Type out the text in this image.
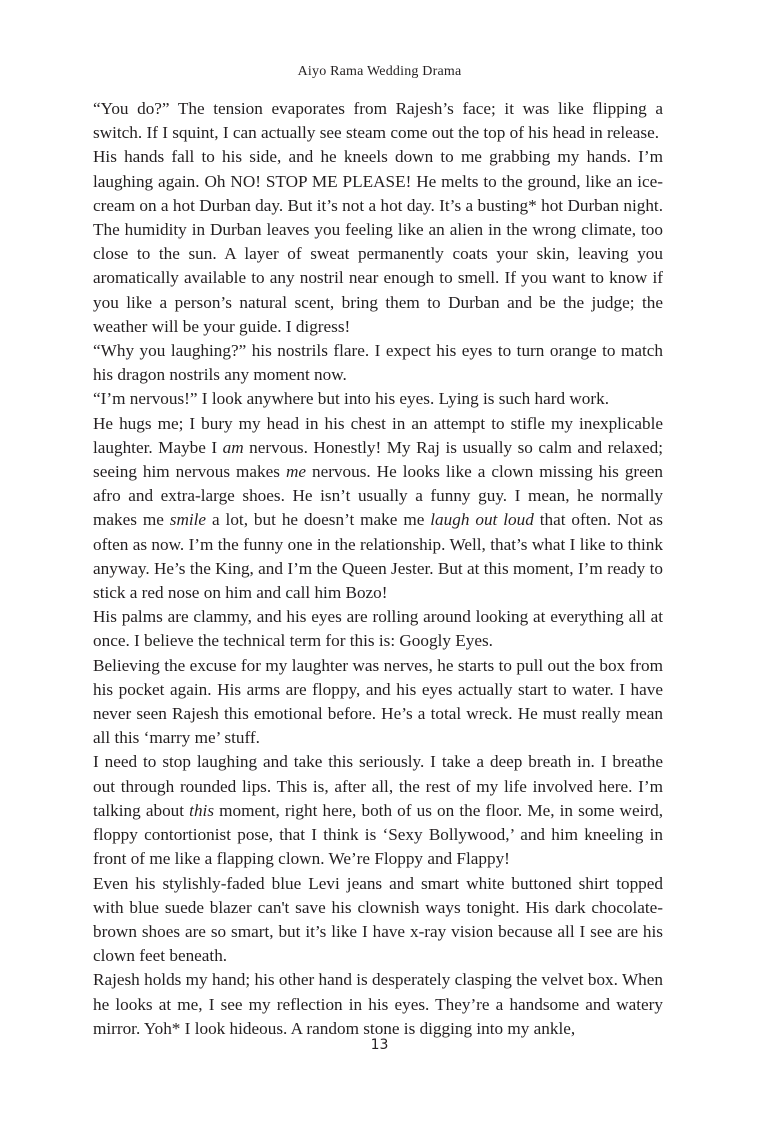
Aiyo Rama Wedding Drama

“You do?” The tension evaporates from Rajesh’s face; it was like flipping a switch. If I squint, I can actually see steam come out the top of his head in release.

His hands fall to his side, and he kneels down to me grabbing my hands. I’m laughing again. Oh NO! STOP ME PLEASE! He melts to the ground, like an ice-cream on a hot Durban day. But it’s not a hot day. It’s a busting* hot Durban night. The humidity in Durban leaves you feeling like an alien in the wrong climate, too close to the sun. A layer of sweat permanently coats your skin, leaving you aromatically available to any nostril near enough to smell. If you want to know if you like a person’s natural scent, bring them to Durban and be the judge; the weather will be your guide. I digress!

“Why you laughing?” his nostrils flare. I expect his eyes to turn orange to match his dragon nostrils any moment now.

“I’m nervous!” I look anywhere but into his eyes. Lying is such hard work.

He hugs me; I bury my head in his chest in an attempt to stifle my inexplicable laughter. Maybe I am nervous. Honestly! My Raj is usually so calm and relaxed; seeing him nervous makes me nervous. He looks like a clown missing his green afro and extra-large shoes. He isn’t usually a funny guy. I mean, he normally makes me smile a lot, but he doesn’t make me laugh out loud that often. Not as often as now. I’m the funny one in the relationship. Well, that’s what I like to think anyway. He’s the King, and I’m the Queen Jester. But at this moment, I’m ready to stick a red nose on him and call him Bozo!

His palms are clammy, and his eyes are rolling around looking at everything all at once. I believe the technical term for this is: Googly Eyes.

Believing the excuse for my laughter was nerves, he starts to pull out the box from his pocket again. His arms are floppy, and his eyes actually start to water. I have never seen Rajesh this emotional before. He’s a total wreck. He must really mean all this ‘marry me’ stuff.

I need to stop laughing and take this seriously. I take a deep breath in. I breathe out through rounded lips. This is, after all, the rest of my life involved here. I’m talking about this moment, right here, both of us on the floor. Me, in some weird, floppy contortionist pose, that I think is ‘Sexy Bollywood,’ and him kneeling in front of me like a flapping clown. We’re Floppy and Flappy!

Even his stylishly-faded blue Levi jeans and smart white buttoned shirt topped with blue suede blazer can't save his clownish ways tonight. His dark chocolate-brown shoes are so smart, but it’s like I have x-ray vision because all I see are his clown feet beneath.

Rajesh holds my hand; his other hand is desperately clasping the velvet box. When he looks at me, I see my reflection in his eyes. They’re a handsome and watery mirror. Yoh* I look hideous. A random stone is digging into my ankle,

13
